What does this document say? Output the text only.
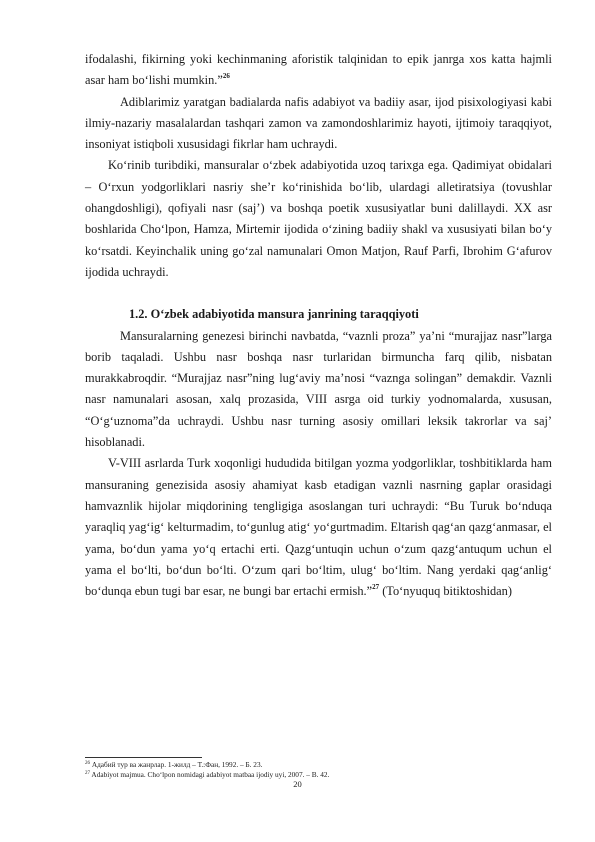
ifodalashi, fikirning yoki kechinmaning aforistik talqinidan to epik janrga xos katta hajmli asar ham bo‘lishi mumkin.”$^{26}$

Adiblarimiz yaratgan badialarda nafis adabiyot va badiiy asar, ijod pisixologiyasi kabi ilmiy-nazariy masalalardan tashqari zamon va zamondoshlarimiz hayoti, ijtimoiy taraqqiyot, insoniyat istiqboli xususidagi fikrlar ham uchraydi.

Ko‘rinib turibdiki, mansuralar o‘zbek adabiyotida uzoq tarixga ega. Qadimiyat obidalari – O‘rxun yodgorliklari nasriy she’r ko‘rinishida bo‘lib, ulardagi alletiratsiya (tovushlar ohangdoshligi), qofiyali nasr (saj’) va boshqa poetik xususiyatlar buni dalillaydi. XX asr boshlarida Cho‘lpon, Hamza, Mirtemir ijodida o‘zining badiiy shakl va xususiyati bilan bo‘y ko‘rsatdi. Keyinchalik uning go‘zal namunalari Omon Matjon, Rauf Parfi, Ibrohim G‘afurov ijodida uchraydi.

1.2. O‘zbek adabiyotida mansura janrining taraqqiyoti

Mansuralarning genezesi birinchi navbatda, “vaznli proza” ya’ni “murajjaz nasr”larga borib taqaladi. Ushbu nasr boshqa nasr turlaridan birmuncha farq qilib, nisbatan murakkabroqdir. “Murajjaz nasr”ning lug‘aviy ma’nosi “vaznga solingan” demakdir. Vaznli nasr namunalari asosan, xalq prozasida, VIII asrga oid turkiy yodnomalarda, xususan, “O‘g‘uznoma”da uchraydi. Ushbu nasr turning asosiy omillari leksik takrorlar va saj’ hisoblanadi.

V-VIII asrlarda Turk xoqonligi hududida bitilgan yozma yodgorliklar, toshbitiklarda ham mansuraning genezisida asosiy ahamiyat kasb etadigan vaznli nasrning gaplar orasidagi hamvaznlik hijolar miqdorining tengligiga asoslangan turi uchraydi: “Bu Turuk bo‘nduqa yaraqliq yag‘ig‘ kelturmadim, to‘gunlug atig‘ yo‘gurtmadim. Eltarish qag‘an qazg‘anmasar, el yama, bo‘dun yama yo‘q ertachi erti. Qazg‘untuqin uchun o‘zum qazg‘antuqum uchun el yama el bo‘lti, bo‘dun bo‘lti. O‘zum qari bo‘ltim, ulug‘ bo‘ltim. Nang yerdaki qag‘anlig‘ bo‘dunqa ebun tugi bar esar, ne bungi bar ertachi ermish.”$^{27}$ (To‘nyuquq bitiktoshidan)

$^{26}$ Адабий тур ва жанрлар. 1-жилд – Т.:Фан, 1992. – Б. 23.
$^{27}$ Adabiyot majmua. Cho‘lpon nomidagi adabiyot matbaa ijodiy uyi, 2007. – B. 42.
20
